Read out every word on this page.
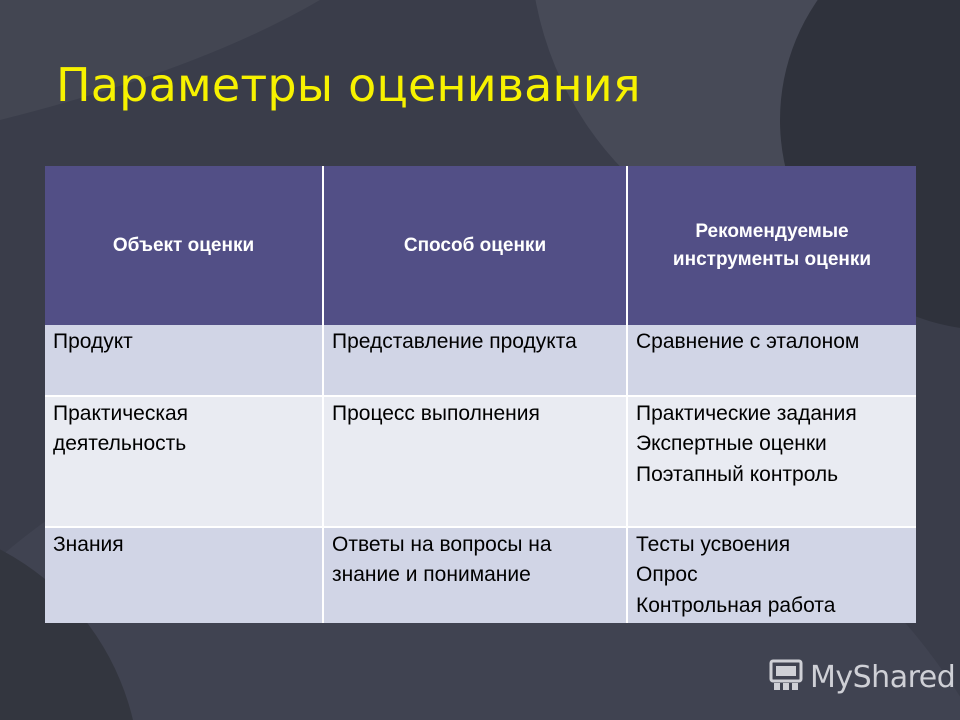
Параметры оценивания
Объект оценки	Способ оценки	Рекомендуемые инструменты оценки
Продукт	Представление продукта	Сравнение с эталоном

Практическая деятельность	Процесс выполнения	Практические задания
Экспертные оценки
Поэтапный контроль

Знания	Ответы на вопросы на знание и понимание	Тесты усвоения
Опрос
Контрольная работа
MyShared
